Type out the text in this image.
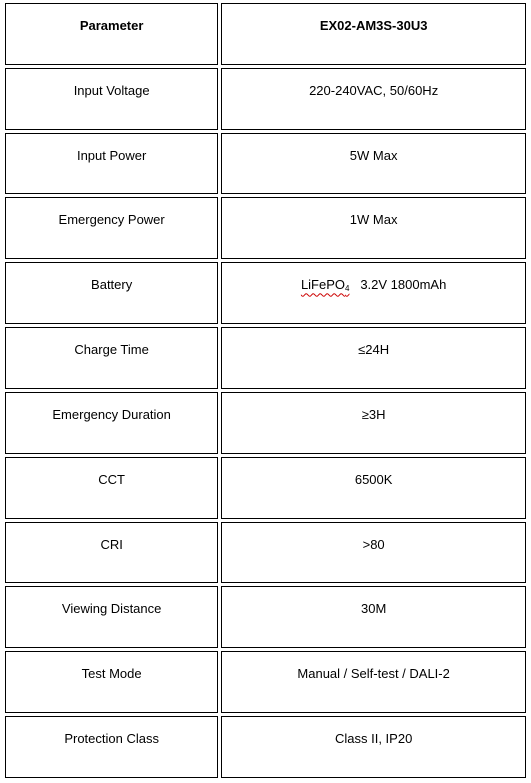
Parameter	EX02-AM3S-30U3

Input Voltage	220-240VAC, 50/60Hz

Input Power	5W Max

Emergency Power	1W Max

Battery	LiFePO$_4$ 3.2V 1800mAh

Charge Time	≤24H

Emergency Duration	≥3H

CCT	6500K

CRI	>80

Viewing Distance	30M

Test Mode	Manual / Self-test / DALI-2

Protection Class	Class II, IP20
